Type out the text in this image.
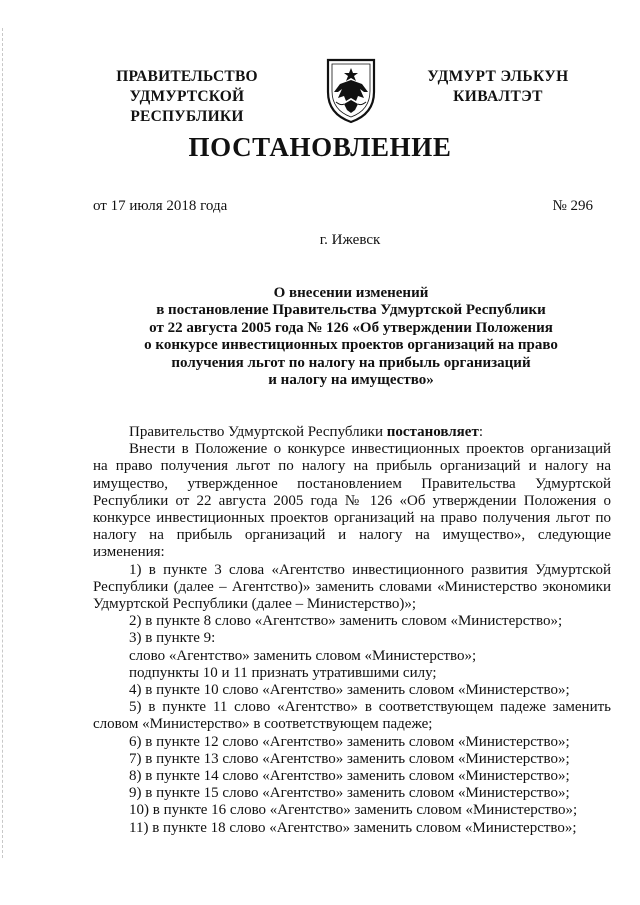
ПРАВИТЕЛЬСТВО
УДМУРТСКОЙ РЕСПУБЛИКИ
УДМУРТ ЭЛЬКУН
КИВАЛТЭТ
ПОСТАНОВЛЕНИЕ
от 17 июля 2018 года	№ 296
г. Ижевск
О внесении изменений
в постановление Правительства Удмуртской Республики
от 22 августа 2005 года № 126 «Об утверждении Положения
о конкурсе инвестиционных проектов организаций на право
получения льгот по налогу на прибыль организаций
и налогу на имущество»

Правительство Удмуртской Республики постановляет:

Внести в Положение о конкурсе инвестиционных проектов организаций на право получения льгот по налогу на прибыль организаций и налогу на имущество, утвержденное постановлением Правительства Удмуртской Республики от 22 августа 2005 года № 126 «Об утверждении Положения о конкурсе инвестиционных проектов организаций на право получения льгот по налогу на прибыль организаций и налогу на имущество», следующие изменения:

1) в пункте 3 слова «Агентство инвестиционного развития Удмуртской Республики (далее – Агентство)» заменить словами «Министерство экономики Удмуртской Республики (далее – Министерство)»;

2) в пункте 8 слово «Агентство» заменить словом «Министерство»;

3) в пункте 9:

слово «Агентство» заменить словом «Министерство»;

подпункты 10 и 11 признать утратившими силу;

4) в пункте 10 слово «Агентство» заменить словом «Министерство»;

5) в пункте 11 слово «Агентство» в соответствующем падеже заменить словом «Министерство» в соответствующем падеже;

6) в пункте 12 слово «Агентство» заменить словом «Министерство»;

7) в пункте 13 слово «Агентство» заменить словом «Министерство»;

8) в пункте 14 слово «Агентство» заменить словом «Министерство»;

9) в пункте 15 слово «Агентство» заменить словом «Министерство»;

10) в пункте 16 слово «Агентство» заменить словом «Министерство»;

11) в пункте 18 слово «Агентство» заменить словом «Министерство»;
